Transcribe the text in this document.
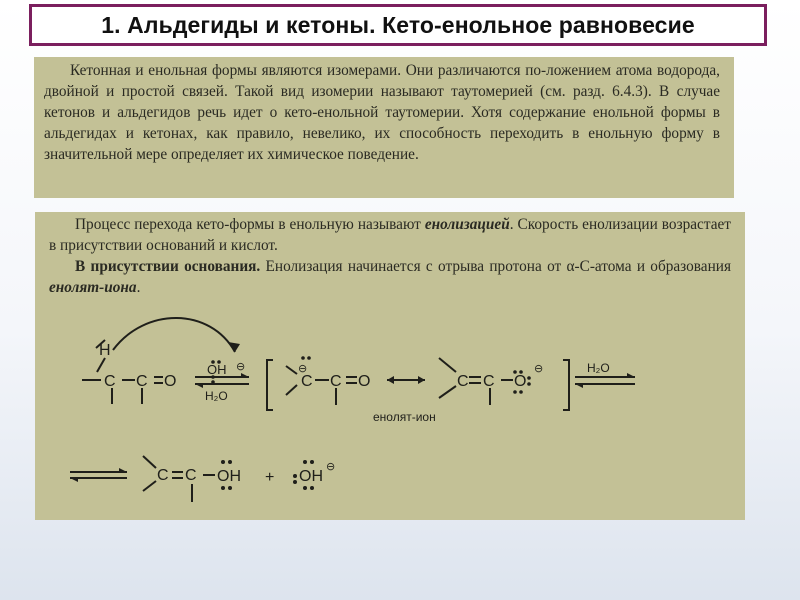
1. Альдегиды и кетоны. Кето-енольное равновесие

Кетонная и енольная формы являются изомерами. Они различаются по-ложением атома водорода, двойной и простой связей. Такой вид изомерии называют таутомерией (см. разд. 6.4.3). В случае кетонов и альдегидов речь идет о кето-енольной таутомерии. Хотя содержание енольной формы в альдегидах и кетонах, как правило, невелико, их способность переходить в енольную форму в значительной мере определяет их химическое поведение.

Процесс перехода кето-формы в енольную называют енолизацией. Скорость енолизации возрастает в присутствии оснований и кислот.

В присутствии основания. Енолизация начинается с отрыва протона от α-С-атома и образования енолят-иона.

H
C C O
OH ⊖
H₂O
⊖
C C O	C C O
⊖
енолят-ион
H₂O
C C OH + OH
⊖
